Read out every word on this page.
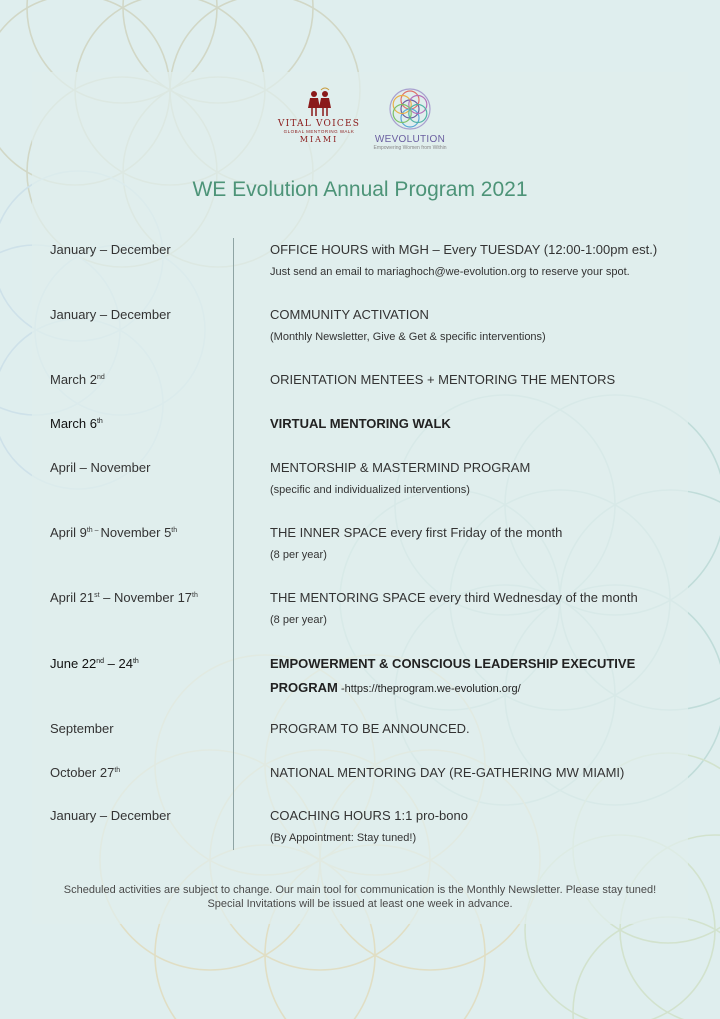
VITAL VOICES
GLOBAL MENTORING WALK
MIAMI	WEVOLUTION
Empowering Women from Within
WE Evolution Annual Program 2021
January – December	OFFICE HOURS with MGH – Every TUESDAY (12:00-1:00pm est.)
Just send an email to mariaghoch@we-evolution.org to reserve your spot.
January – December	COMMUNITY ACTIVATION
(Monthly Newsletter, Give & Get & specific interventions)
March 2nd	ORIENTATION MENTEES + MENTORING THE MENTORS
March 6th	VIRTUAL MENTORING WALK
April – November	MENTORSHIP & MASTERMIND PROGRAM
(specific and individualized interventions)
April $9^{th -}$ November 5th	THE INNER SPACE every first Friday of the month
(8 per year)
April 21st – November 17th	THE MENTORING SPACE every third Wednesday of the month
(8 per year)
June 22nd – 24th	EMPOWERMENT & CONSCIOUS LEADERSHIP EXECUTIVE
PROGRAM -https://theprogram.we-evolution.org/
September	PROGRAM TO BE ANNOUNCED.
October 27th	NATIONAL MENTORING DAY (RE-GATHERING MW MIAMI)
January – December	COACHING HOURS 1:1 pro-bono
(By Appointment: Stay tuned!)
Scheduled activities are subject to change. Our main tool for communication is the Monthly Newsletter. Please stay tuned!
Special Invitations will be issued at least one week in advance.
